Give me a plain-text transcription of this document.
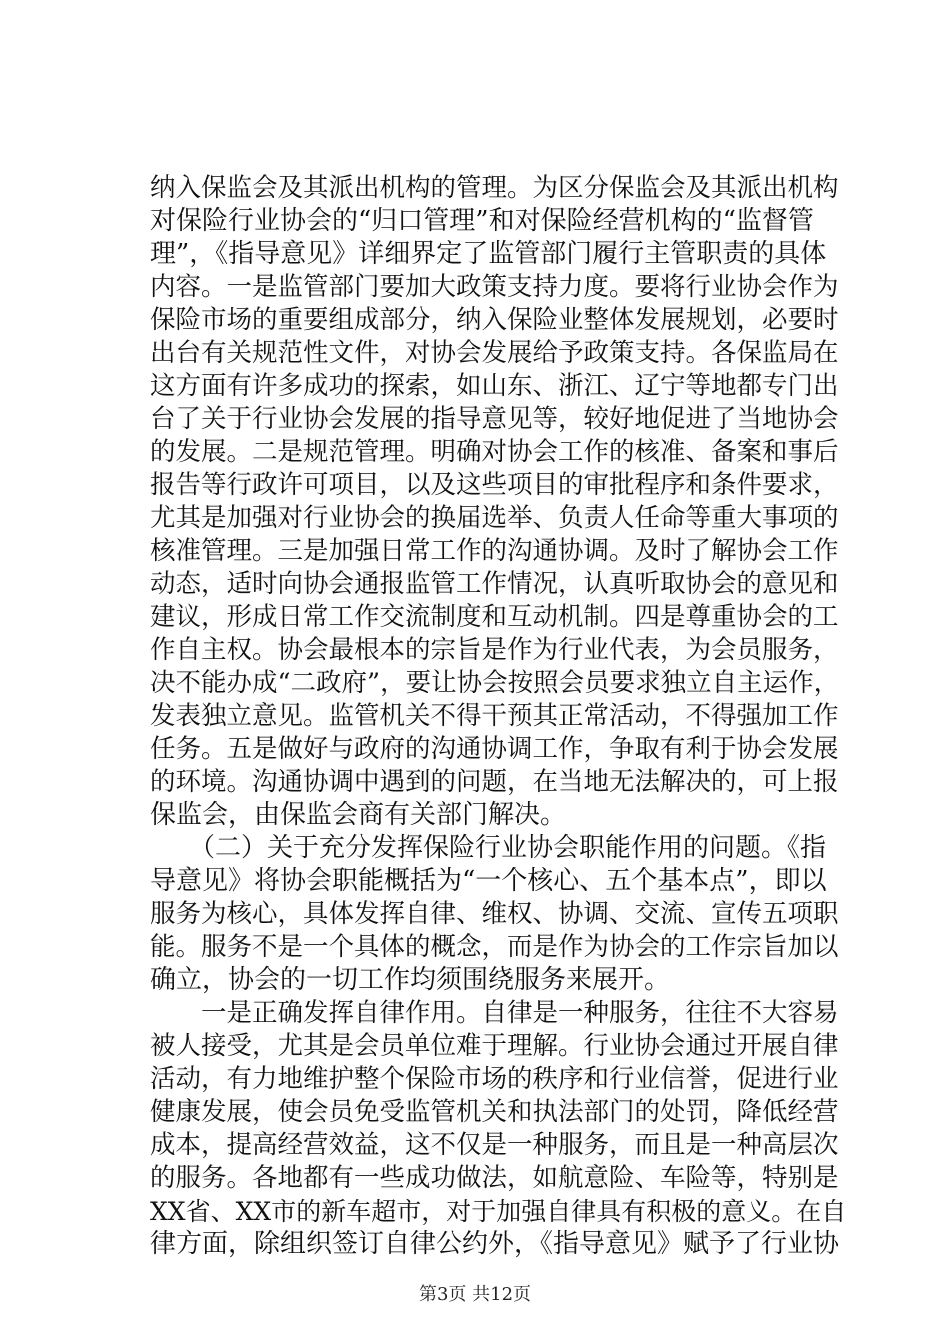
纳入保监会及其派出机构的管理。为区分保监会及其派出机构
对保险行业协会的“归口管理”和对保险经营机构的“监督管
理”，《指导意见》详细界定了监管部门履行主管职责的具体
内容。一是监管部门要加大政策支持力度。要将行业协会作为
保险市场的重要组成部分，纳入保险业整体发展规划，必要时
出台有关规范性文件，对协会发展给予政策支持。各保监局在
这方面有许多成功的探索，如山东、浙江、辽宁等地都专门出
台了关于行业协会发展的指导意见等，较好地促进了当地协会
的发展。二是规范管理。明确对协会工作的核准、备案和事后
报告等行政许可项目，以及这些项目的审批程序和条件要求，
尤其是加强对行业协会的换届选举、负责人任命等重大事项的
核准管理。三是加强日常工作的沟通协调。及时了解协会工作
动态，适时向协会通报监管工作情况，认真听取协会的意见和
建议，形成日常工作交流制度和互动机制。四是尊重协会的工
作自主权。协会最根本的宗旨是作为行业代表，为会员服务，
决不能办成“二政府”，要让协会按照会员要求独立自主运作，
发表独立意见。监管机关不得干预其正常活动，不得强加工作
任务。五是做好与政府的沟通协调工作，争取有利于协会发展
的环境。沟通协调中遇到的问题，在当地无法解决的，可上报
保监会，由保监会商有关部门解决。
　　（二）关于充分发挥保险行业协会职能作用的问题。《指
导意见》将协会职能概括为“一个核心、五个基本点”，即以
服务为核心，具体发挥自律、维权、协调、交流、宣传五项职
能。服务不是一个具体的概念，而是作为协会的工作宗旨加以
确立，协会的一切工作均须围绕服务来展开。
　　一是正确发挥自律作用。自律是一种服务，往往不大容易
被人接受，尤其是会员单位难于理解。行业协会通过开展自律
活动，有力地维护整个保险市场的秩序和行业信誉，促进行业
健康发展，使会员免受监管机关和执法部门的处罚，降低经营
成本，提高经营效益，这不仅是一种服务，而且是一种高层次
的服务。各地都有一些成功做法，如航意险、车险等，特别是
XX省、XX市的新车超市，对于加强自律具有积极的意义。在自
律方面，除组织签订自律公约外，《指导意见》赋予了行业协
第3页 共12页
